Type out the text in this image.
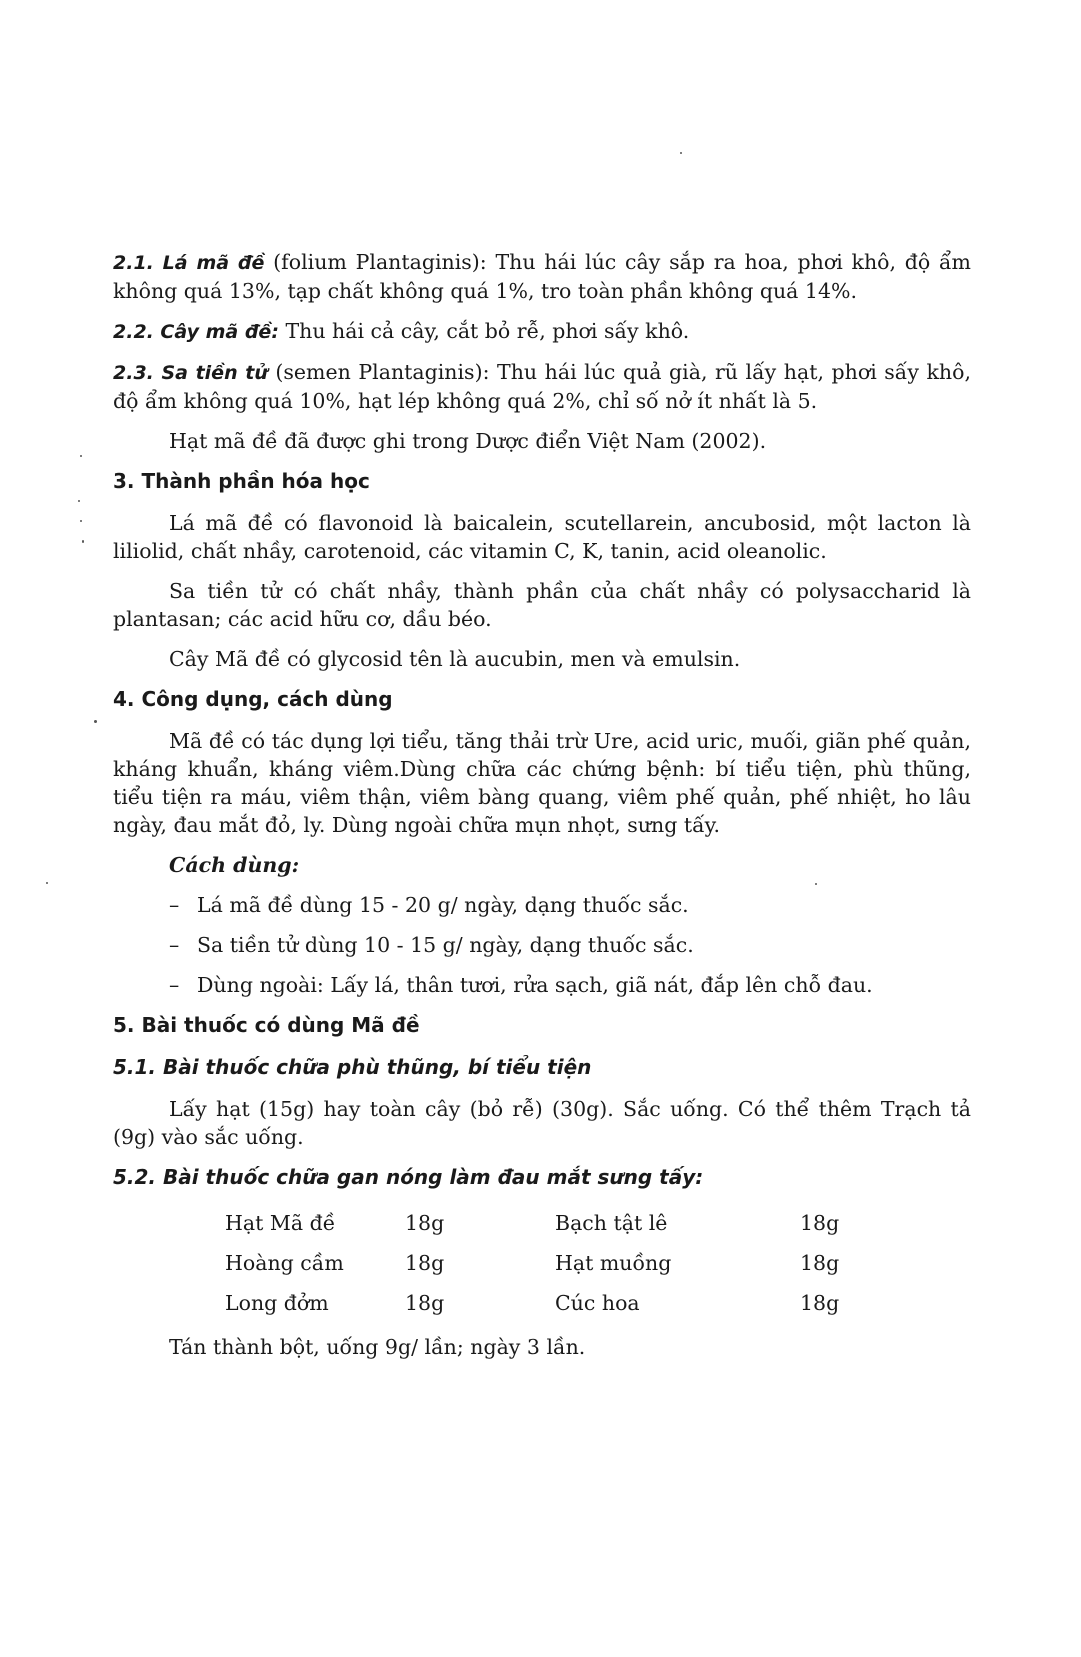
2.1. Lá mã đề (folium Plantaginis): Thu hái lúc cây sắp ra hoa, phơi khô, độ ẩm không quá 13%, tạp chất không quá 1%, tro toàn phần không quá 14%.

2.2. Cây mã đề: Thu hái cả cây, cắt bỏ rễ, phơi sấy khô.

2.3. Sa tiền tử (semen Plantaginis): Thu hái lúc quả già, rũ lấy hạt, phơi sấy khô, độ ẩm không quá 10%, hạt lép không quá 2%, chỉ số nở ít nhất là 5.

Hạt mã đề đã được ghi trong Dược điển Việt Nam (2002).

3. Thành phần hóa học

Lá mã đề có flavonoid là baicalein, scutellarein, ancubosid, một lacton là liliolid, chất nhầy, carotenoid, các vitamin C, K, tanin, acid oleanolic.

Sa tiền tử có chất nhầy, thành phần của chất nhầy có polysaccharid là plantasan; các acid hữu cơ, dầu béo.

Cây Mã đề có glycosid tên là aucubin, men và emulsin.

4. Công dụng, cách dùng

Mã đề có tác dụng lợi tiểu, tăng thải trừ Ure, acid uric, muối, giãn phế quản, kháng khuẩn, kháng viêm.Dùng chữa các chứng bệnh: bí tiểu tiện, phù thũng, tiểu tiện ra máu, viêm thận, viêm bàng quang, viêm phế quản, phế nhiệt, ho lâu ngày, đau mắt đỏ, ly. Dùng ngoài chữa mụn nhọt, sưng tấy.

Cách dùng:
– Lá mã đề dùng 15 - 20 g/ ngày, dạng thuốc sắc.
– Sa tiền tử dùng 10 - 15 g/ ngày, dạng thuốc sắc.
– Dùng ngoài: Lấy lá, thân tươi, rửa sạch, giã nát, đắp lên chỗ đau.
5. Bài thuốc có dùng Mã đề
5.1. Bài thuốc chữa phù thũng, bí tiểu tiện

Lấy hạt (15g) hay toàn cây (bỏ rễ) (30g). Sắc uống. Có thể thêm Trạch tả (9g) vào sắc uống.

5.2. Bài thuốc chữa gan nóng làm đau mắt sưng tấy:
Hạt Mã đề	18g	Bạch tật lê	18g
Hoàng cầm	18g	Hạt muồng	18g
Long đởm	18g	Cúc hoa	18g

Tán thành bột, uống 9g/ lần; ngày 3 lần.
